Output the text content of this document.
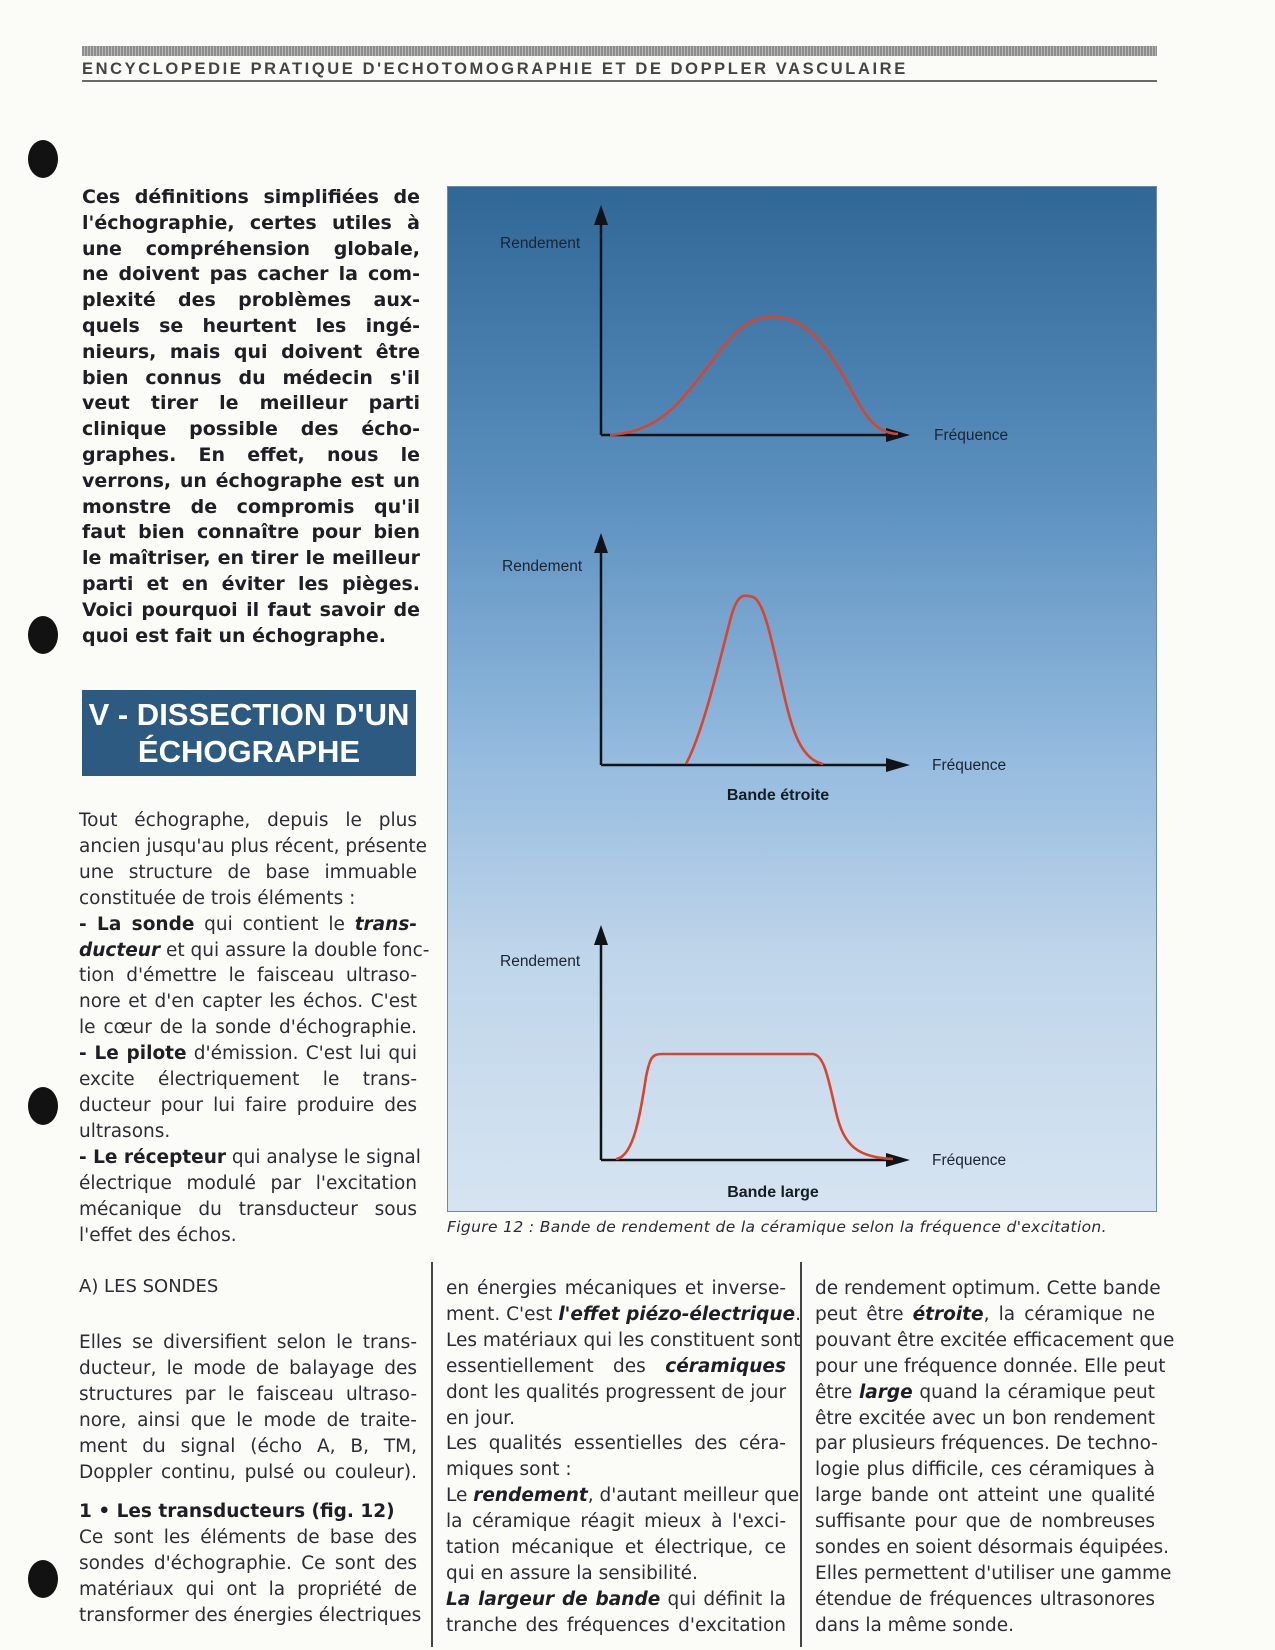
ENCYCLOPEDIE PRATIQUE D'ECHOTOMOGRAPHIE ET DE DOPPLER VASCULAIRE
Ces définitions simplifiées de
l'échographie, certes utiles à
une compréhension globale,
ne doivent pas cacher la com-
plexité des problèmes aux-
quels se heurtent les ingé-
nieurs, mais qui doivent être
bien connus du médecin s'il
veut tirer le meilleur parti
clinique possible des écho-
graphes. En effet, nous le
verrons, un échographe est un
monstre de compromis qu'il
faut bien connaître pour bien
le maîtriser, en tirer le meilleur
parti et en éviter les pièges.
Voici pourquoi il faut savoir de
quoi est fait un échographe.
V - DISSECTION D'UN
ÉCHOGRAPHE
Tout échographe, depuis le plus
ancien jusqu'au plus récent, présente
une structure de base immuable
constituée de trois éléments :
- La sonde qui contient le trans-
ducteur et qui assure la double fonc-
tion d'émettre le faisceau ultraso-
nore et d'en capter les échos. C'est
le cœur de la sonde d'échographie.
- Le pilote d'émission. C'est lui qui
excite électriquement le trans-
ducteur pour lui faire produire des
ultrasons.
- Le récepteur qui analyse le signal
électrique modulé par l'excitation
mécanique du transducteur sous
l'effet des échos.
A) LES SONDES
Elles se diversifient selon le trans-
ducteur, le mode de balayage des
structures par le faisceau ultraso-
nore, ainsi que le mode de traite-
ment du signal (écho A, B, TM,
Doppler continu, pulsé ou couleur).
1 • Les transducteurs (fig. 12)
Ce sont les éléments de base des
sondes d'échographie. Ce sont des
matériaux qui ont la propriété de
transformer des énergies électriques
en énergies mécaniques et inverse-
ment. C'est l'effet piézo-électrique.
Les matériaux qui les constituent sont
essentiellement des céramiques
dont les qualités progressent de jour
en jour.
Les qualités essentielles des céra-
miques sont :
Le rendement, d'autant meilleur que
la céramique réagit mieux à l'exci-
tation mécanique et électrique, ce
qui en assure la sensibilité.
La largeur de bande qui définit la
tranche des fréquences d'excitation
de rendement optimum. Cette bande
peut être étroite, la céramique ne
pouvant être excitée efficacement que
pour une fréquence donnée. Elle peut
être large quand la céramique peut
être excitée avec un bon rendement
par plusieurs fréquences. De techno-
logie plus difficile, ces céramiques à
large bande ont atteint une qualité
suffisante pour que de nombreuses
sondes en soient désormais équipées.
Elles permettent d'utiliser une gamme
étendue de fréquences ultrasonores
dans la même sonde.
Rendement
Fréquence
Rendement
Fréquence
Bande étroite
Rendement
Fréquence
Bande large
Figure 12 : Bande de rendement de la céramique selon la fréquence d'excitation.
